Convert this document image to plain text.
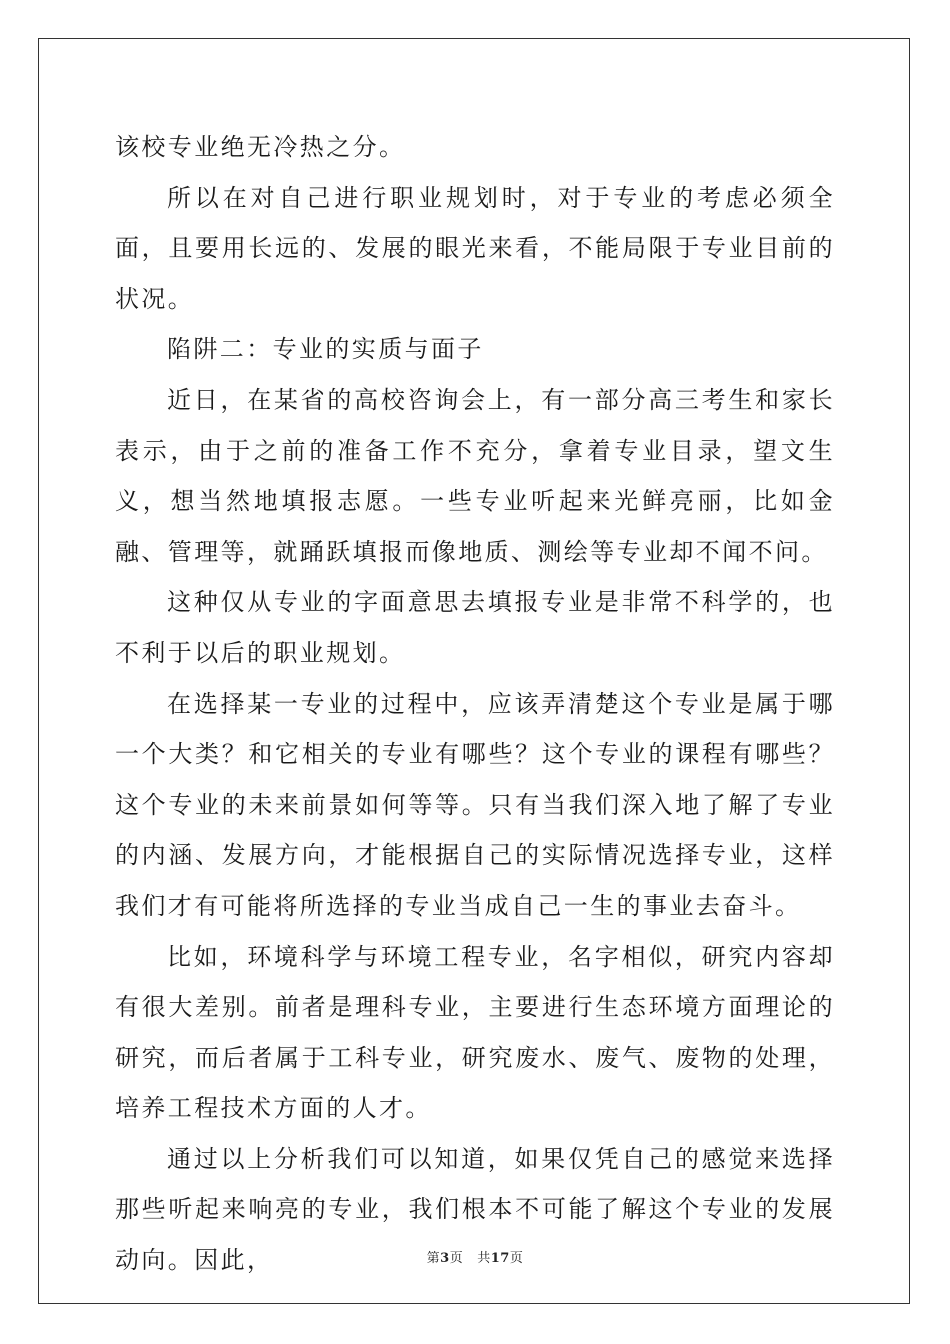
该校专业绝无冷热之分。

所以在对自己进行职业规划时，对于专业的考虑必须全面，且要用长远的、发展的眼光来看，不能局限于专业目前的状况。

陷阱二：专业的实质与面子

近日，在某省的高校咨询会上，有一部分高三考生和家长表示，由于之前的准备工作不充分，拿着专业目录，望文生义，想当然地填报志愿。一些专业听起来光鲜亮丽，比如金融、管理等，就踊跃填报而像地质、测绘等专业却不闻不问。

这种仅从专业的字面意思去填报专业是非常不科学的，也不利于以后的职业规划。

在选择某一专业的过程中，应该弄清楚这个专业是属于哪一个大类？和它相关的专业有哪些？这个专业的课程有哪些？这个专业的未来前景如何等等。只有当我们深入地了解了专业的内涵、发展方向，才能根据自己的实际情况选择专业，这样我们才有可能将所选择的专业当成自己一生的事业去奋斗。

比如，环境科学与环境工程专业，名字相似，研究内容却有很大差别。前者是理科专业，主要进行生态环境方面理论的研究，而后者属于工科专业，研究废水、废气、废物的处理，培养工程技术方面的人才。

通过以上分析我们可以知道，如果仅凭自己的感觉来选择那些听起来响亮的专业，我们根本不可能了解这个专业的发展动向。因此，	第3页 共17页
